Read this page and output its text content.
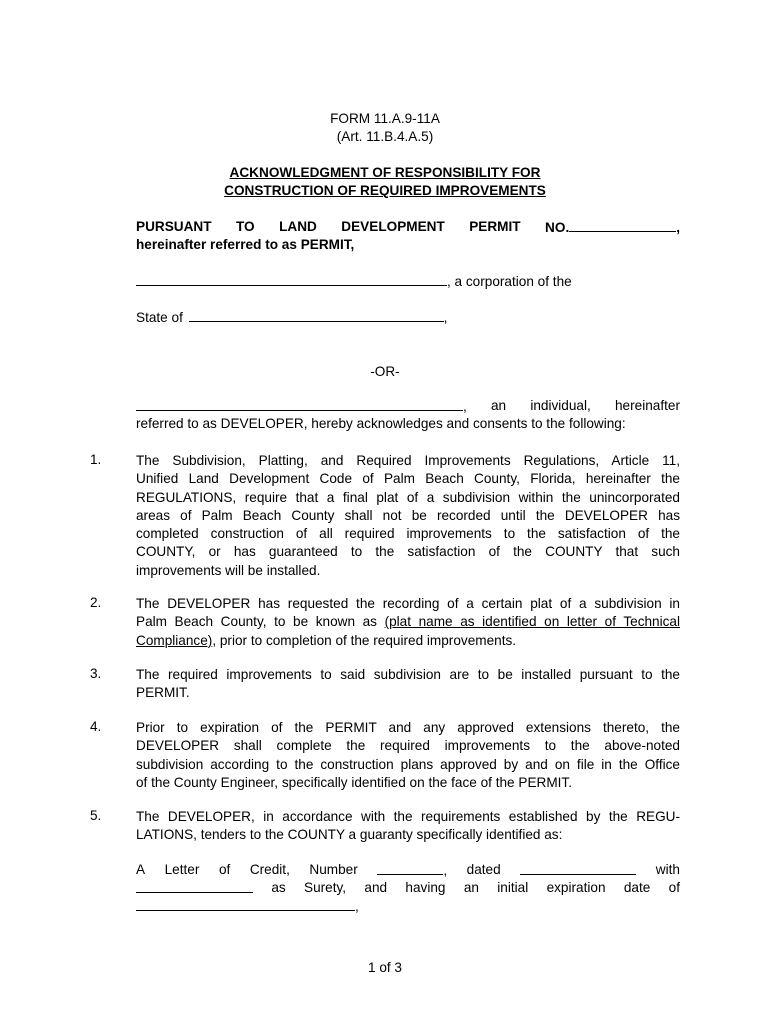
FORM 11.A.9-11A
(Art. 11.B.4.A.5)
ACKNOWLEDGMENT OF RESPONSIBILITY FOR
CONSTRUCTION OF REQUIRED IMPROVEMENTS
PURSUANT TO LAND DEVELOPMENT PERMIT NO.	,
hereinafter referred to as PERMIT,
, a corporation of the
State of	,
-OR-
, an individual, hereinafter
referred to as DEVELOPER, hereby acknowledges and consents to the following:
1.	The Subdivision, Platting, and Required Improvements Regulations, Article 11,
Unified Land Development Code of Palm Beach County, Florida, hereinafter the
REGULATIONS, require that a final plat of a subdivision within the unincorporated
areas of Palm Beach County shall not be recorded until the DEVELOPER has
completed construction of all required improvements to the satisfaction of the
COUNTY, or has guaranteed to the satisfaction of the COUNTY that such
improvements will be installed.
2.	The DEVELOPER has requested the recording of a certain plat of a subdivision in
Palm Beach County, to be known as (plat name as identified on letter of Technical
Compliance), prior to completion of the required improvements.
3.	The required improvements to said subdivision are to be installed pursuant to the
PERMIT.
4.	Prior to expiration of the PERMIT and any approved extensions thereto, the
DEVELOPER shall complete the required improvements to the above-noted
subdivision according to the construction plans approved by and on file in the Office
of the County Engineer, specifically identified on the face of the PERMIT.
5.	The DEVELOPER, in accordance with the requirements established by the REGU-
LATIONS, tenders to the COUNTY a guaranty specifically identified as:
A Letter of Credit, Number	, dated	with
as Surety, and having an initial expiration date of
,
1 of 3
